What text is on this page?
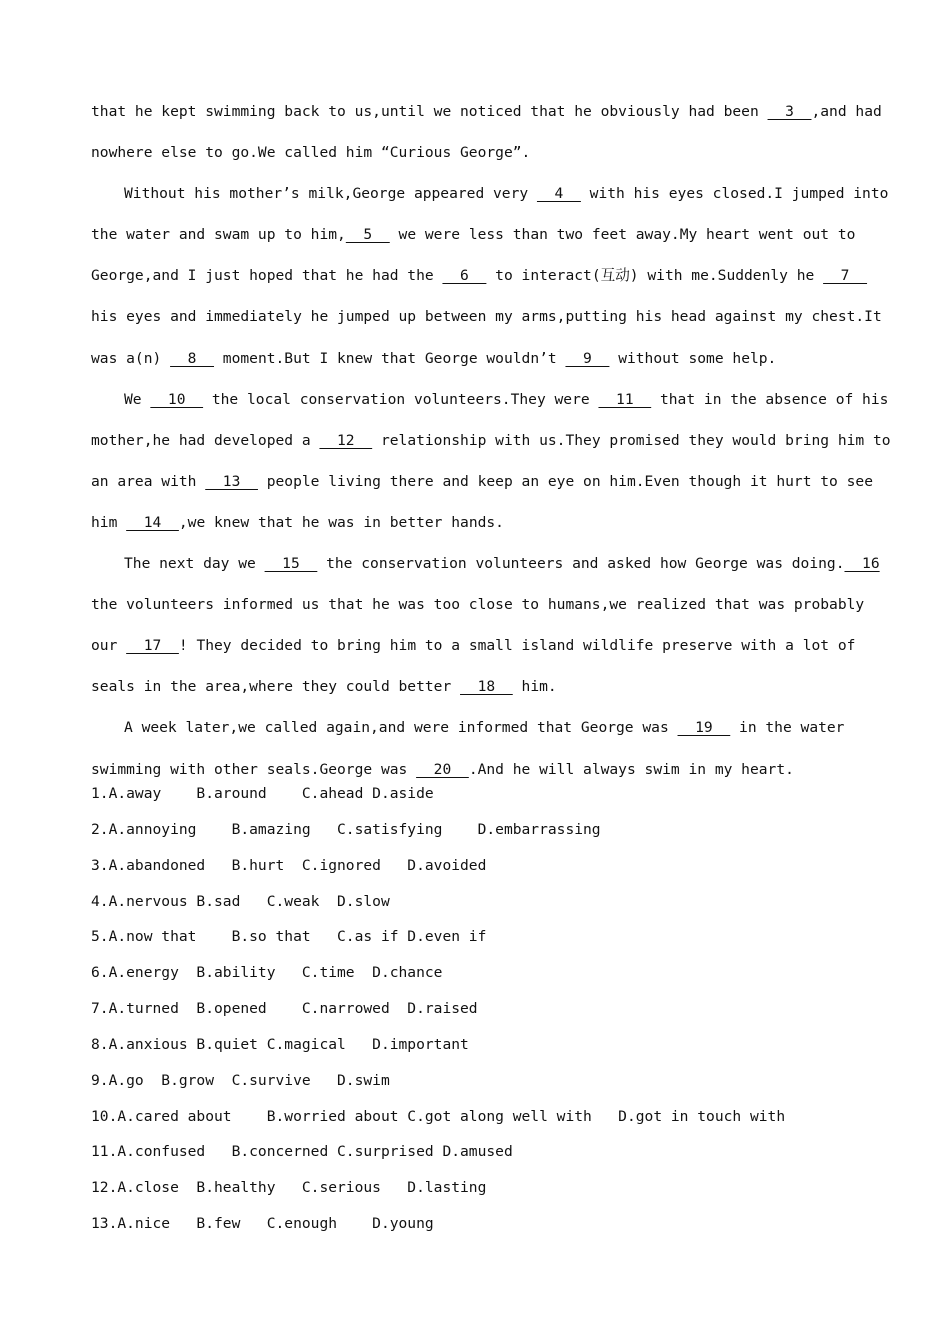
that he kept swimming back to us,until we noticed that he obviously had been   3  ,and had
nowhere else to go.We called him “Curious George”.
Without his mother’s milk,George appeared very   4   with his eyes closed.I jumped into
the water and swam up to him,  5   we were less than two feet away.My heart went out to
George,and I just hoped that he had the   6   to interact(互动) with me.Suddenly he   7
his eyes and immediately he jumped up between my arms,putting his head against my chest.It
was a(n)   8   moment.But I knew that George wouldn’t   9   without some help.
We   10   the local conservation volunteers.They were   11   that in the absence of his
mother,he had developed a   12   relationship with us.They promised they would bring him to
an area with   13   people living there and keep an eye on him.Even though it hurt to see
him   14  ,we knew that he was in better hands.
The next day we   15   the conservation volunteers and asked how George was doing.  16
the volunteers informed us that he was too close to humans,we realized that was probably
our   17  ! They decided to bring him to a small island wildlife preserve with a lot of
seals in the area,where they could better   18   him.
A week later,we called again,and were informed that George was   19   in the water
swimming with other seals.George was   20  .And he will always swim in my heart.
1.A.away    B.around    C.ahead D.aside
2.A.annoying    B.amazing   C.satisfying    D.embarrassing
3.A.abandoned   B.hurt  C.ignored   D.avoided
4.A.nervous B.sad   C.weak  D.slow
5.A.now that    B.so that   C.as if D.even if
6.A.energy  B.ability   C.time  D.chance
7.A.turned  B.opened    C.narrowed  D.raised
8.A.anxious B.quiet C.magical   D.important
9.A.go  B.grow  C.survive   D.swim
10.A.cared about    B.worried about C.got along well with   D.got in touch with
11.A.confused   B.concerned C.surprised D.amused
12.A.close  B.healthy   C.serious   D.lasting
13.A.nice   B.few   C.enough    D.young
